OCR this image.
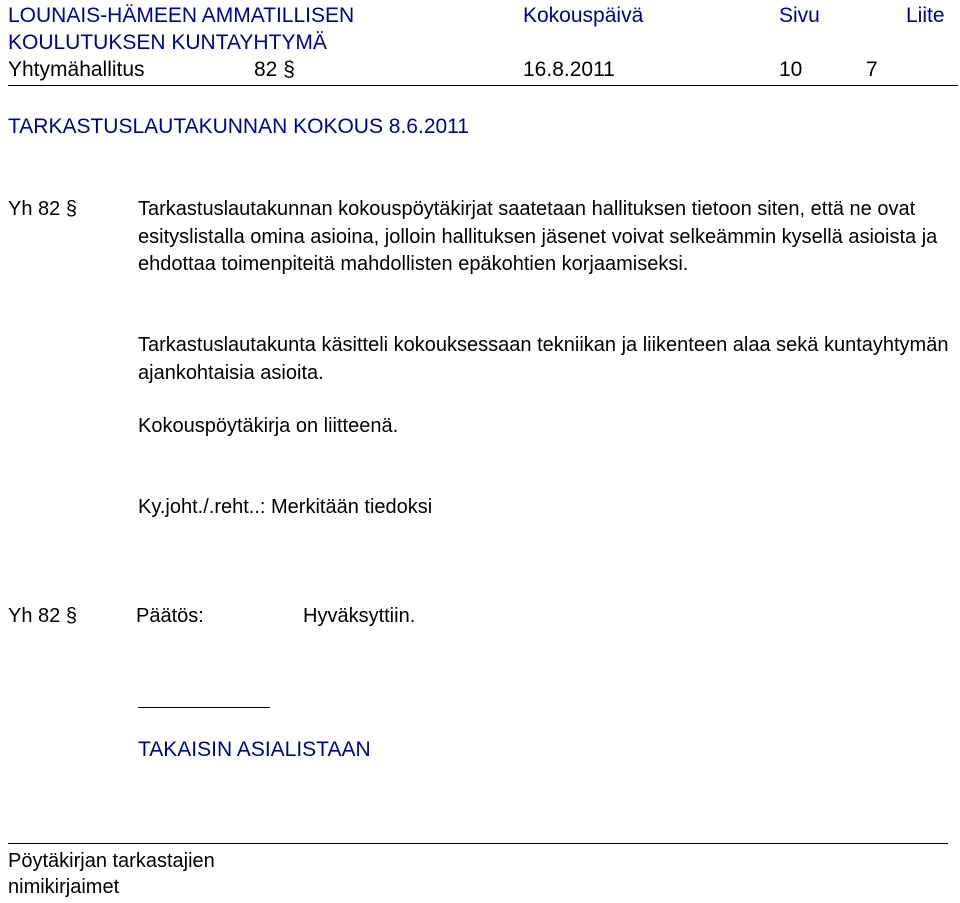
LOUNAIS-HÄMEEN AMMATILLISEN
KOULUTUKSEN KUNTAYHTYMÄ
Kokouspäivä	Sivu	Liite
Yhtymähallitus	82 §	16.8.2011	10	7
TARKASTUSLAUTAKUNNAN KOKOUS 8.6.2011
Yh 82 §	Tarkastuslautakunnan kokouspöytäkirjat saatetaan hallituksen tietoon siten, että ne ovat esityslistalla omina asioina, jolloin hallituksen jäsenet voivat selkeämmin kysellä asioista ja ehdottaa toimenpiteitä mahdollisten epäkohtien korjaamiseksi.

Tarkastuslautakunta käsitteli kokouksessaan tekniikan ja liikenteen alaa sekä kuntayhtymän ajankohtaisia asioita.

Kokouspöytäkirja on liitteenä.

Ky.joht./.reht..: Merkitään tiedoksi
Yh 82 §	Päätös:	Hyväksyttiin.
TAKAISIN ASIALISTAAN
Pöytäkirjan tarkastajien
nimikirjaimet
